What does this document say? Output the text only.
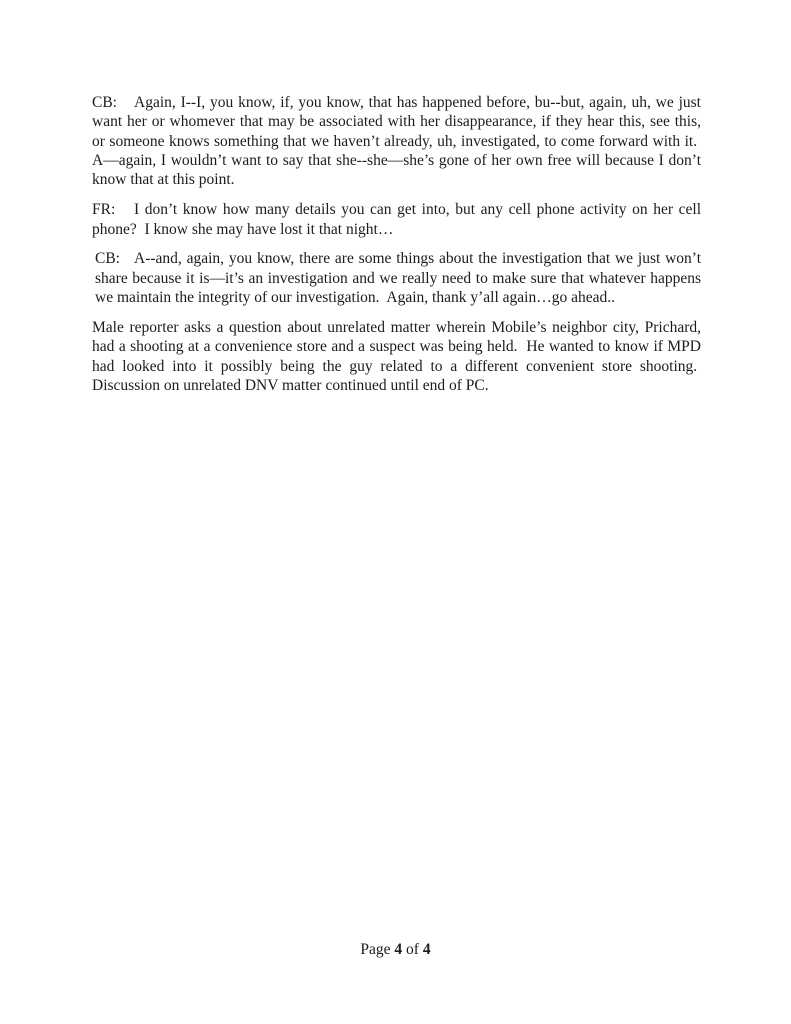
CB: Again, I--I, you know, if, you know, that has happened before, bu--but, again, uh, we just want her or whomever that may be associated with her disappearance, if they hear this, see this, or someone knows something that we haven’t already, uh, investigated, to come forward with it.  A—again, I wouldn’t want to say that she--she—she’s gone of her own free will because I don’t know that at this point.

FR: I don’t know how many details you can get into, but any cell phone activity on her cell phone?  I know she may have lost it that night…

CB: A--and, again, you know, there are some things about the investigation that we just won’t share because it is—it’s an investigation and we really need to make sure that whatever happens we maintain the integrity of our investigation.  Again, thank y’all again…go ahead..

Male reporter asks a question about unrelated matter wherein Mobile’s neighbor city, Prichard, had a shooting at a convenience store and a suspect was being held.  He wanted to know if MPD had looked into it possibly being the guy related to a different convenient store shooting.  Discussion on unrelated DNV matter continued until end of PC.

Page 4 of 4
